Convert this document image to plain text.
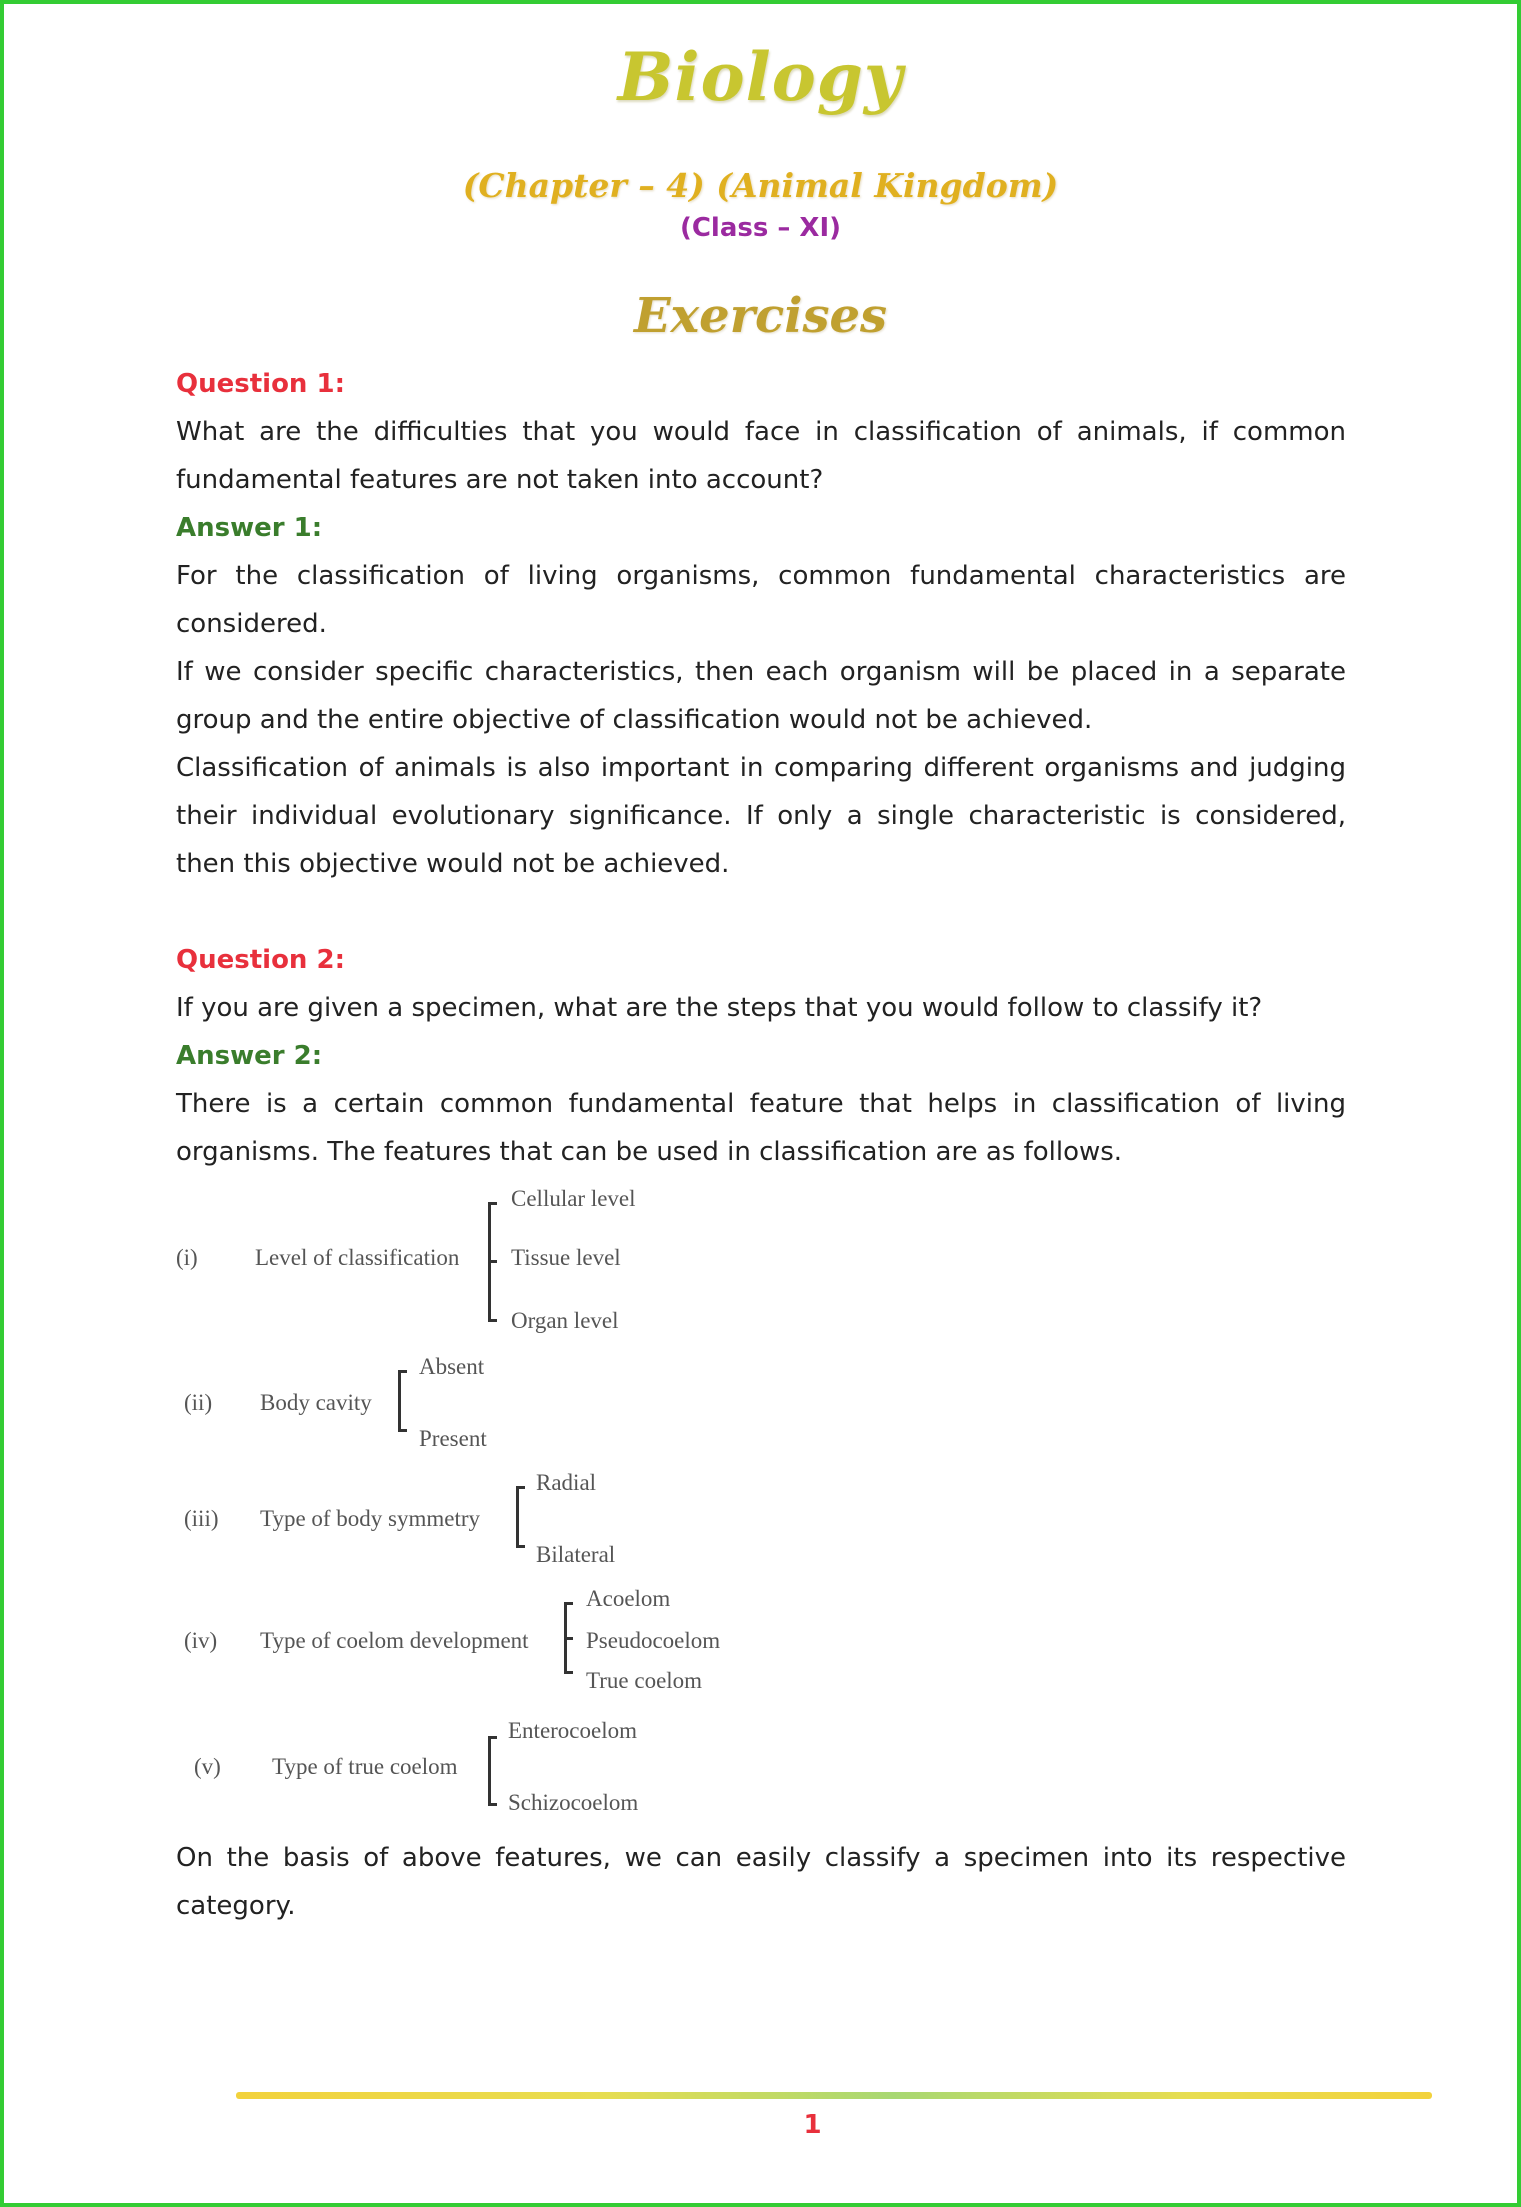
Biology
(Chapter – 4) (Animal Kingdom)
(Class – XI)
Exercises

Question 1:

What are the difficulties that you would face in classification of animals, if common fundamental features are not taken into account?

Answer 1:

For the classification of living organisms, common fundamental characteristics are considered.

If we consider specific characteristics, then each organism will be placed in a separate group and the entire objective of classification would not be achieved.

Classification of animals is also important in comparing different organisms and judging their individual evolutionary significance. If only a single characteristic is considered, then this objective would not be achieved.

Question 2:

If you are given a specimen, what are the steps that you would follow to classify it?

Answer 2:

There is a certain common fundamental feature that helps in classification of living organisms. The features that can be used in classification are as follows.

(i) Level of classification
Cellular level
Tissue level
Organ level
(ii) Body cavity
Absent
Present
(iii) Type of body symmetry
Radial
Bilateral
(iv) Type of coelom development
Acoelom
Pseudocoelom
True coelom
(v) Type of true coelom
Enterocoelom
Schizocoelom

On the basis of above features, we can easily classify a specimen into its respective category.

1
